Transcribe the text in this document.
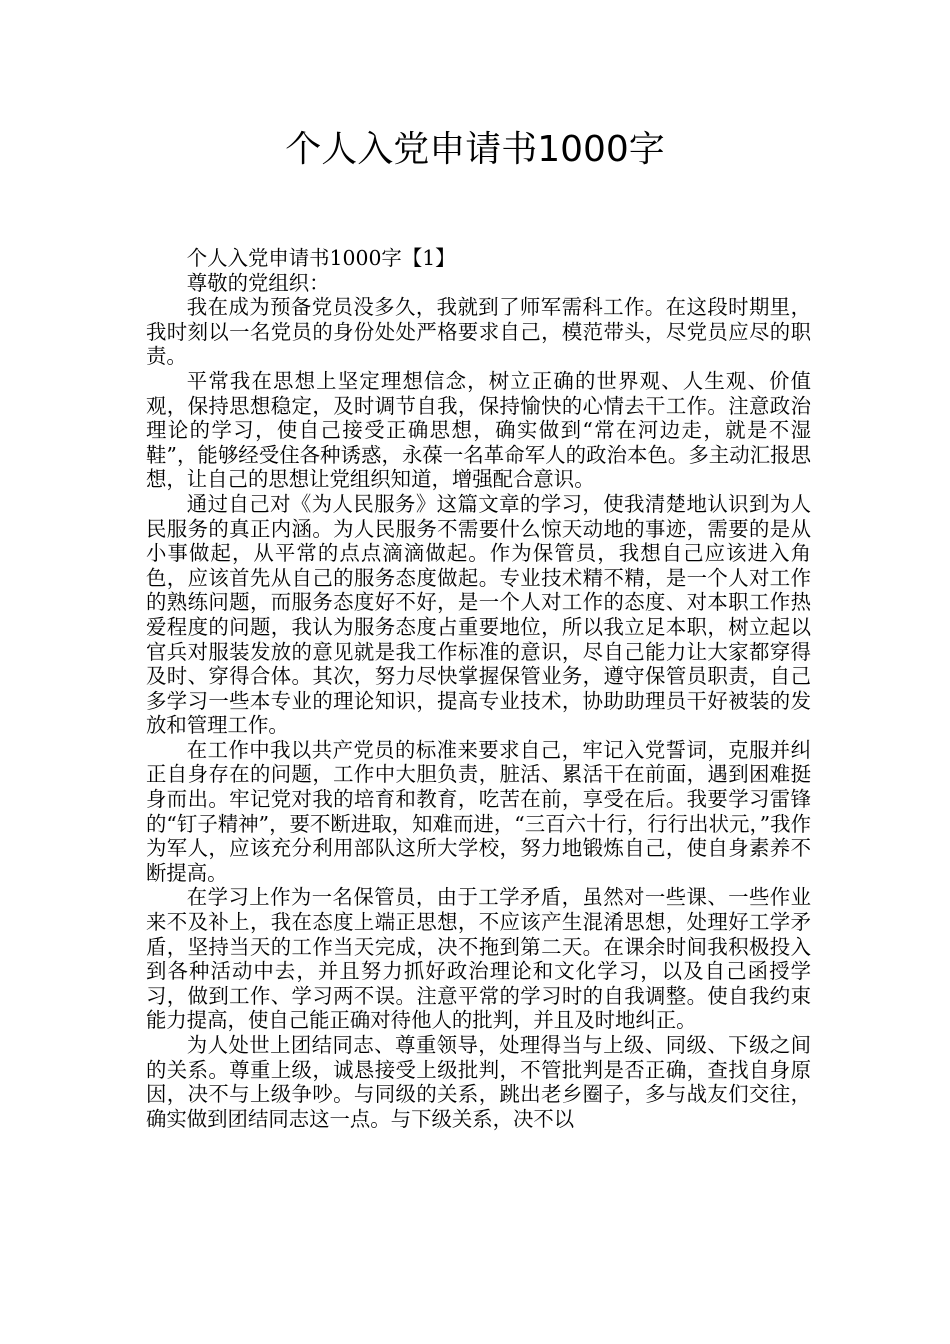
个人入党申请书1000字

个人入党申请书1000字【1】

尊敬的党组织：

我在成为预备党员没多久，我就到了师军需科工作。在这段时期里，我时刻以一名党员的身份处处严格要求自己，模范带头，尽党员应尽的职责。

平常我在思想上坚定理想信念，树立正确的世界观、人生观、价值观，保持思想稳定，及时调节自我，保持愉快的心情去干工作。注意政治理论的学习，使自己接受正确思想，确实做到“常在河边走，就是不湿鞋”，能够经受住各种诱惑，永葆一名革命军人的政治本色。多主动汇报思想，让自己的思想让党组织知道，增强配合意识。

通过自己对《为人民服务》这篇文章的学习，使我清楚地认识到为人民服务的真正内涵。为人民服务不需要什么惊天动地的事迹，需要的是从小事做起，从平常的点点滴滴做起。作为保管员，我想自己应该进入角色，应该首先从自己的服务态度做起。专业技术精不精，是一个人对工作的熟练问题，而服务态度好不好，是一个人对工作的态度、对本职工作热爱程度的问题，我认为服务态度占重要地位，所以我立足本职，树立起以官兵对服装发放的意见就是我工作标准的意识，尽自己能力让大家都穿得及时、穿得合体。其次，努力尽快掌握保管业务，遵守保管员职责，自己多学习一些本专业的理论知识，提高专业技术，协助助理员干好被装的发放和管理工作。

在工作中我以共产党员的标准来要求自己，牢记入党誓词，克服并纠正自身存在的问题，工作中大胆负责，脏活、累活干在前面，遇到困难挺身而出。牢记党对我的培育和教育，吃苦在前，享受在后。我要学习雷锋的“钉子精神”，要不断进取，知难而进，“三百六十行，行行出状元，”我作为军人，应该充分利用部队这所大学校，努力地锻炼自己，使自身素养不断提高。

在学习上作为一名保管员，由于工学矛盾，虽然对一些课、一些作业来不及补上，我在态度上端正思想，不应该产生混淆思想，处理好工学矛盾，坚持当天的工作当天完成，决不拖到第二天。在课余时间我积极投入到各种活动中去，并且努力抓好政治理论和文化学习，以及自己函授学习，做到工作、学习两不误。注意平常的学习时的自我调整。使自我约束能力提高，使自己能正确对待他人的批判，并且及时地纠正。

为人处世上团结同志、尊重领导，处理得当与上级、同级、下级之间的关系。尊重上级，诚恳接受上级批判，不管批判是否正确，查找自身原因，决不与上级争吵。与同级的关系，跳出老乡圈子，多与战友们交往，确实做到团结同志这一点。与下级关系，决不以
